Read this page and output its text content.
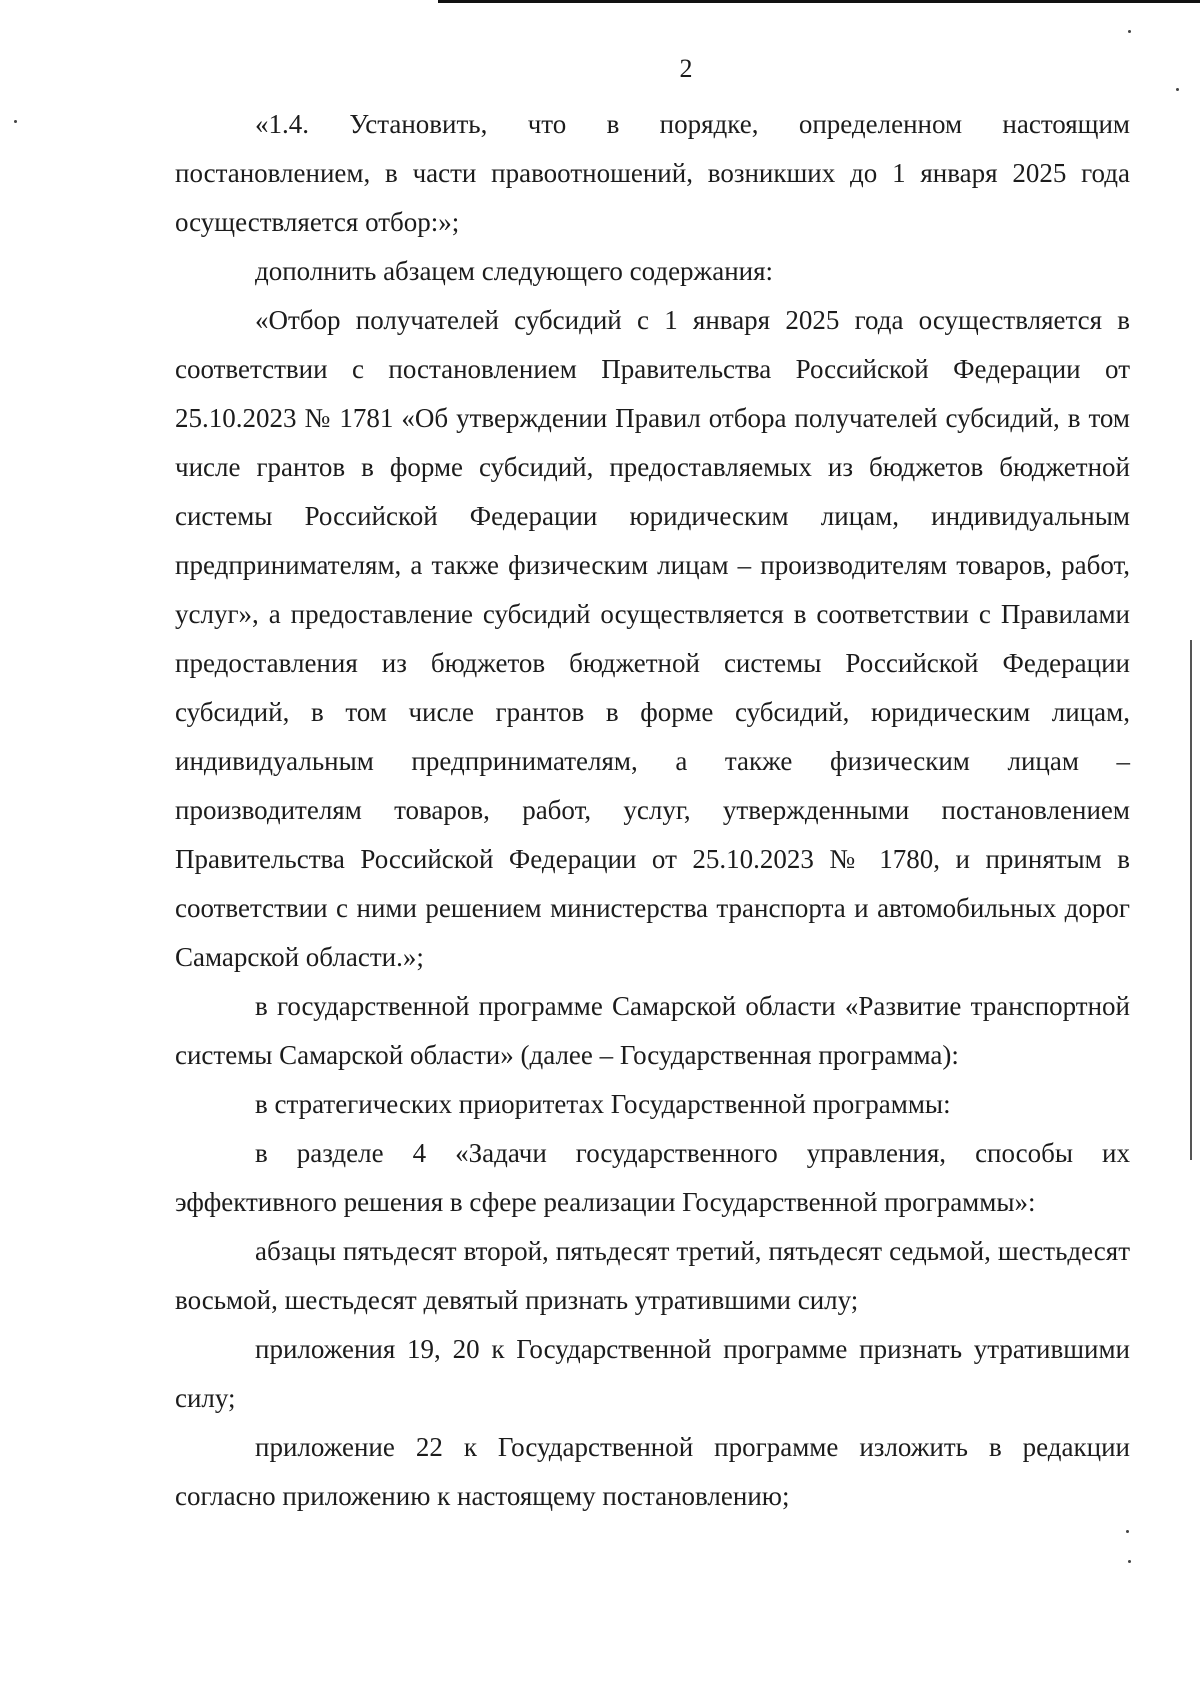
2

«1.4. Установить, что в порядке, определенном настоящим постановлением, в части правоотношений, возникших до 1 января 2025 года осуществляется отбор:»;

дополнить абзацем следующего содержания:

«Отбор получателей субсидий с 1 января 2025 года осуществляется в соответствии с постановлением Правительства Российской Федерации от 25.10.2023 № 1781 «Об утверждении Правил отбора получателей субсидий, в том числе грантов в форме субсидий, предоставляемых из бюджетов бюджетной системы Российской Федерации юридическим лицам, индивидуальным предпринимателям, а также физическим лицам – производителям товаров, работ, услуг», а предоставление субсидий осуществляется в соответствии с Правилами предоставления из бюджетов бюджетной системы Российской Федерации субсидий, в том числе грантов в форме субсидий, юридическим лицам, индивидуальным предпринимателям, а также физическим лицам – производителям товаров, работ, услуг, утвержденными постановлением Правительства Российской Федерации от 25.10.2023 № 1780, и принятым в соответствии с ними решением министерства транспорта и автомобильных дорог Самарской области.»;

в государственной программе Самарской области «Развитие транспортной системы Самарской области» (далее – Государственная программа):

в стратегических приоритетах Государственной программы:

в разделе 4 «Задачи государственного управления, способы их эффективного решения в сфере реализации Государственной программы»:

абзацы пятьдесят второй, пятьдесят третий, пятьдесят седьмой, шестьдесят восьмой, шестьдесят девятый признать утратившими силу;

приложения 19, 20 к Государственной программе признать утратившими силу;

приложение 22 к Государственной программе изложить в редакции согласно приложению к настоящему постановлению;
